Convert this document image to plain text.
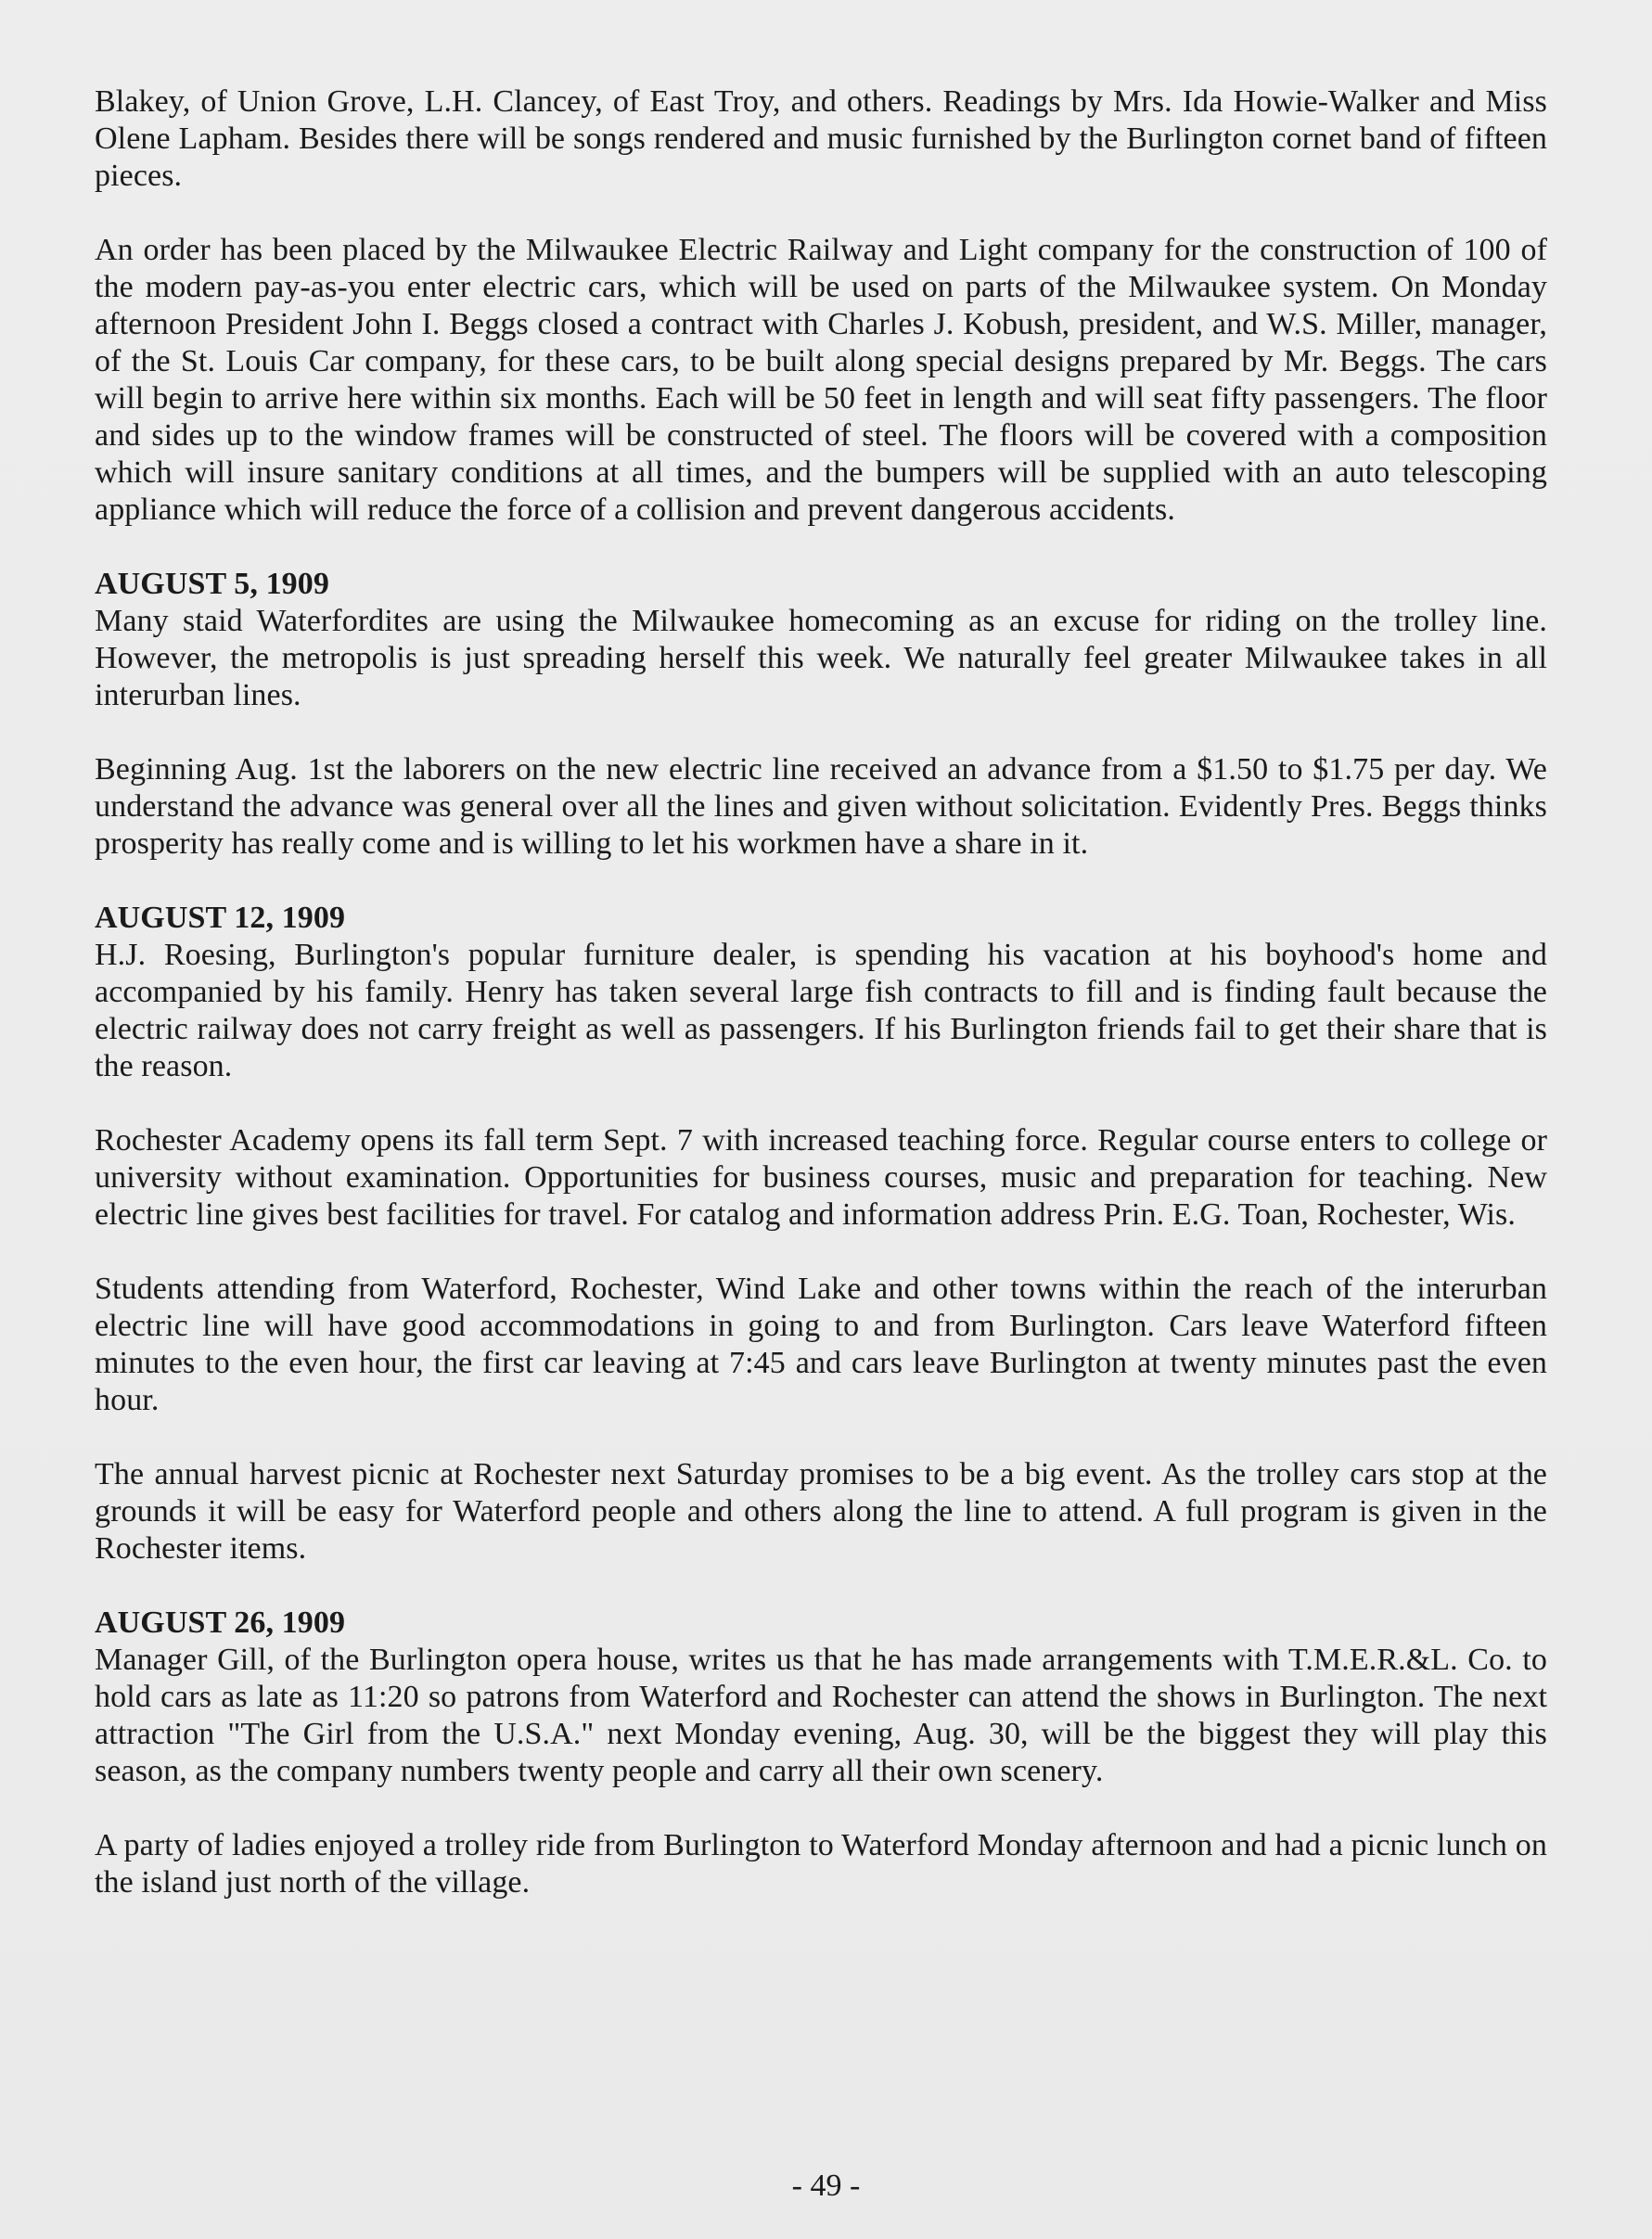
Blakey, of Union Grove, L.H. Clancey, of East Troy, and others. Readings by Mrs. Ida Howie-Walker and Miss Olene Lapham. Besides there will be songs rendered and music furnished by the Burlington cornet band of fifteen pieces.

An order has been placed by the Milwaukee Electric Railway and Light company for the construction of 100 of the modern pay-as-you enter electric cars, which will be used on parts of the Milwaukee system. On Monday afternoon President John I. Beggs closed a contract with Charles J. Kobush, president, and W.S. Miller, manager, of the St. Louis Car company, for these cars, to be built along special designs prepared by Mr. Beggs. The cars will begin to arrive here within six months. Each will be 50 feet in length and will seat fifty passengers. The floor and sides up to the window frames will be constructed of steel. The floors will be covered with a composition which will insure sanitary conditions at all times, and the bumpers will be supplied with an auto telescoping appliance which will reduce the force of a collision and prevent dangerous accidents.

AUGUST 5, 1909

Many staid Waterfordites are using the Milwaukee homecoming as an excuse for riding on the trolley line. However, the metropolis is just spreading herself this week. We naturally feel greater Milwaukee takes in all interurban lines.

Beginning Aug. 1st the laborers on the new electric line received an advance from a $1.50 to $1.75 per day. We understand the advance was general over all the lines and given without solicitation. Evidently Pres. Beggs thinks prosperity has really come and is willing to let his workmen have a share in it.

AUGUST 12, 1909

H.J. Roesing, Burlington's popular furniture dealer, is spending his vacation at his boyhood's home and accompanied by his family. Henry has taken several large fish contracts to fill and is finding fault because the electric railway does not carry freight as well as passengers. If his Burlington friends fail to get their share that is the reason.

Rochester Academy opens its fall term Sept. 7 with increased teaching force. Regular course enters to college or university without examination. Opportunities for business courses, music and preparation for teaching. New electric line gives best facilities for travel. For catalog and information address Prin. E.G. Toan, Rochester, Wis.

Students attending from Waterford, Rochester, Wind Lake and other towns within the reach of the interurban electric line will have good accommodations in going to and from Burlington. Cars leave Waterford fifteen minutes to the even hour, the first car leaving at 7:45 and cars leave Burlington at twenty minutes past the even hour.

The annual harvest picnic at Rochester next Saturday promises to be a big event. As the trolley cars stop at the grounds it will be easy for Waterford people and others along the line to attend. A full program is given in the Rochester items.

AUGUST 26, 1909

Manager Gill, of the Burlington opera house, writes us that he has made arrangements with T.M.E.R.&L. Co. to hold cars as late as 11:20 so patrons from Waterford and Rochester can attend the shows in Burlington. The next attraction "The Girl from the U.S.A." next Monday evening, Aug. 30, will be the biggest they will play this season, as the company numbers twenty people and carry all their own scenery.

A party of ladies enjoyed a trolley ride from Burlington to Waterford Monday afternoon and had a picnic lunch on the island just north of the village.

- 49 -
